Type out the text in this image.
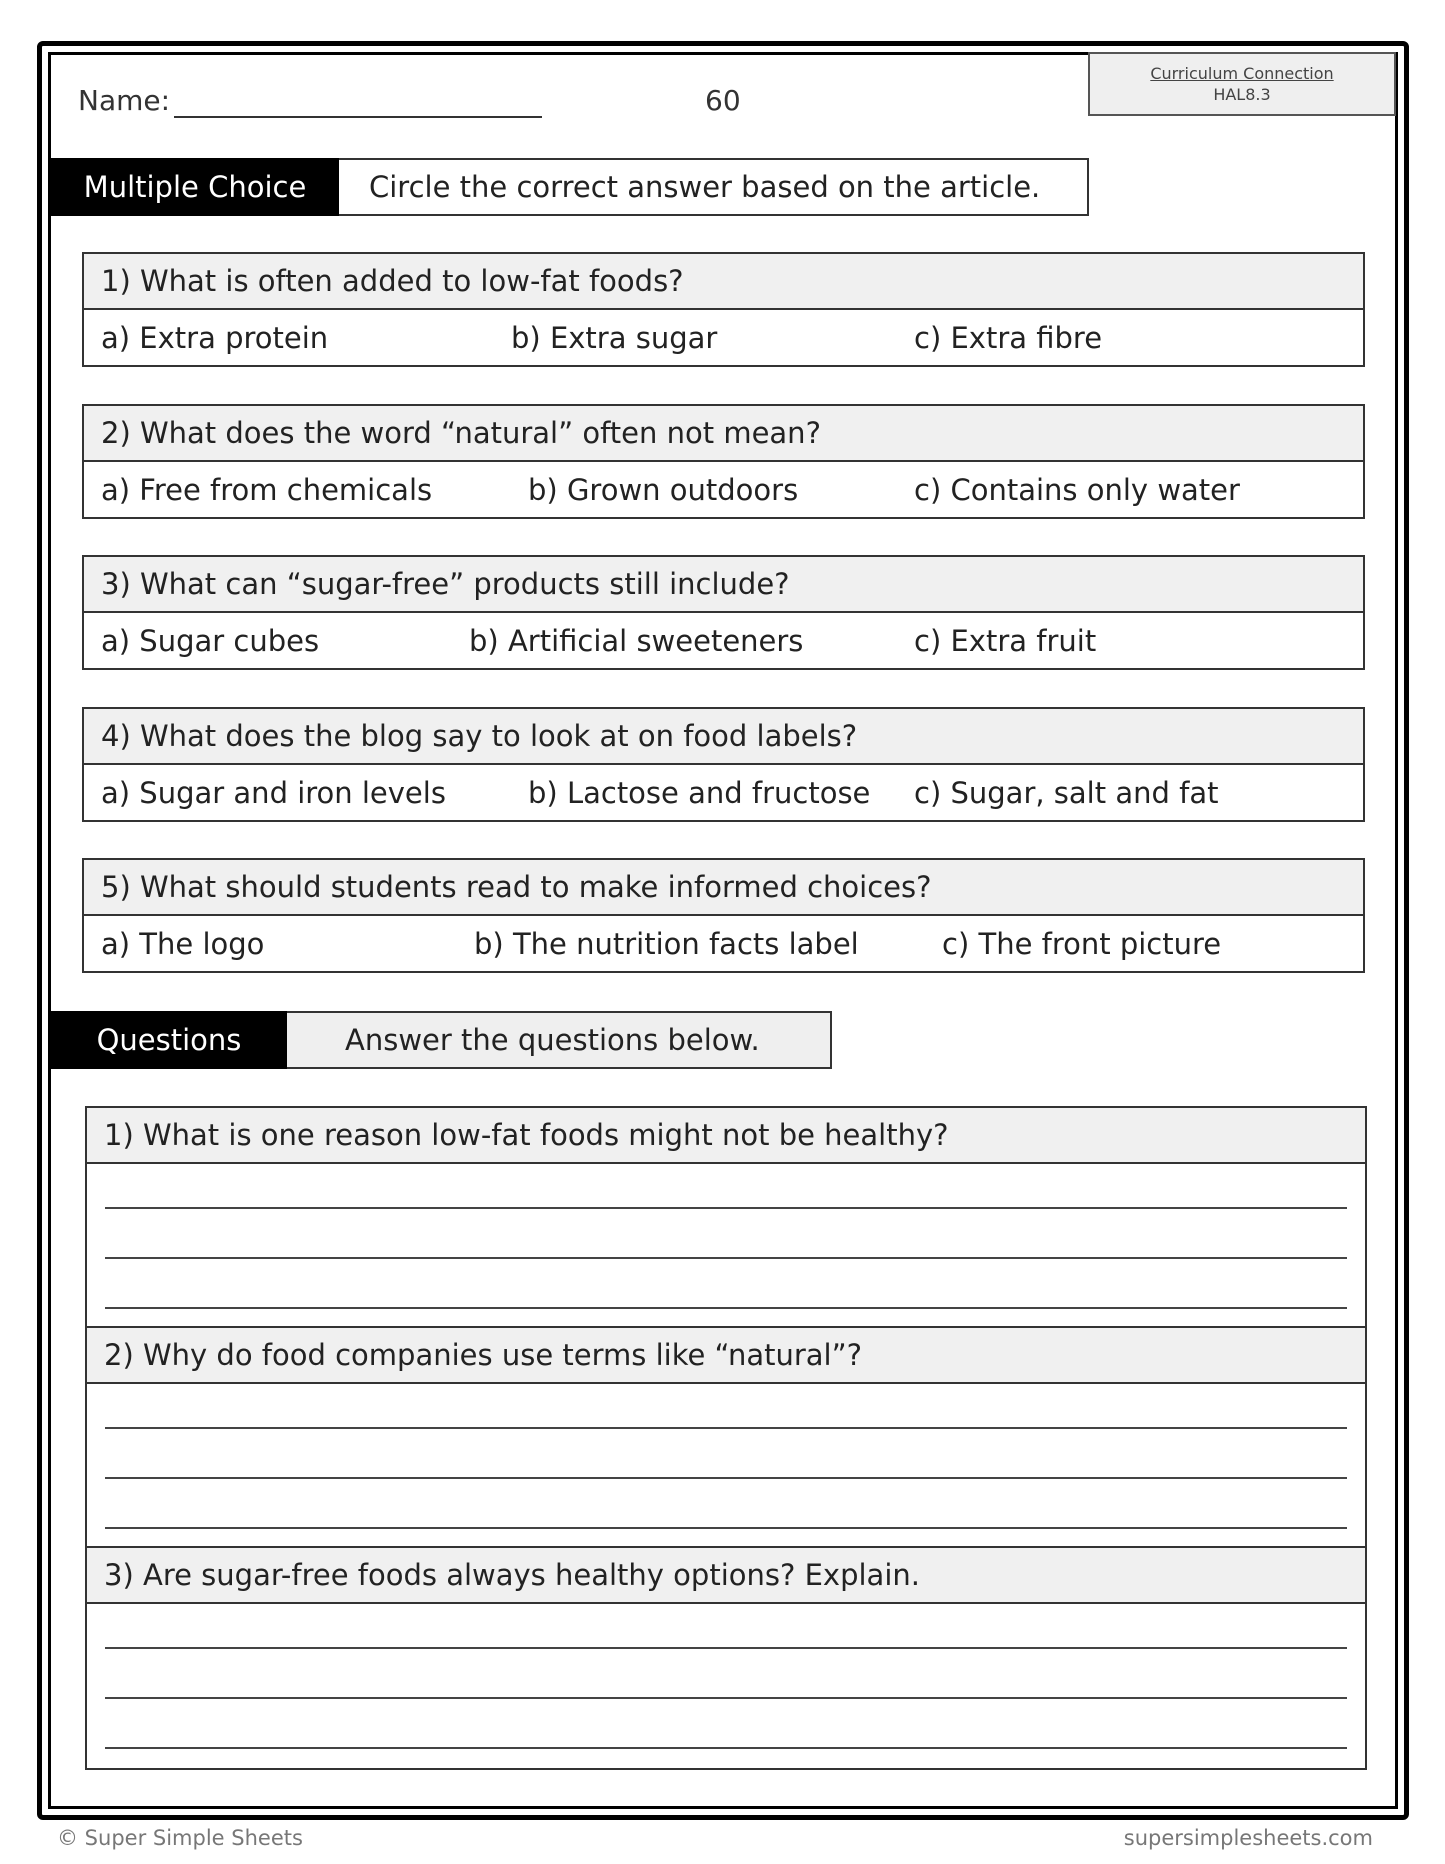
Curriculum Connection
HAL8.3
Name:	60
Multiple Choice	Circle the correct answer based on the article.
1) What is often added to low-fat foods?
a) Extra protein	b) Extra sugar	c) Extra fibre
2) What does the word “natural” often not mean?
a) Free from chemicals	b) Grown outdoors	c) Contains only water
3) What can “sugar-free” products still include?
a) Sugar cubes	b) Artificial sweeteners	c) Extra fruit
4) What does the blog say to look at on food labels?
a) Sugar and iron levels	b) Lactose and fructose c) Sugar, salt and fat
5) What should students read to make informed choices?
a) The logo	b) The nutrition facts label	c) The front picture
Questions	Answer the questions below.
1) What is one reason low-fat foods might not be healthy?
2) Why do food companies use terms like “natural”?
3) Are sugar-free foods always healthy options? Explain.
© Super Simple Sheets	supersimplesheets.com
